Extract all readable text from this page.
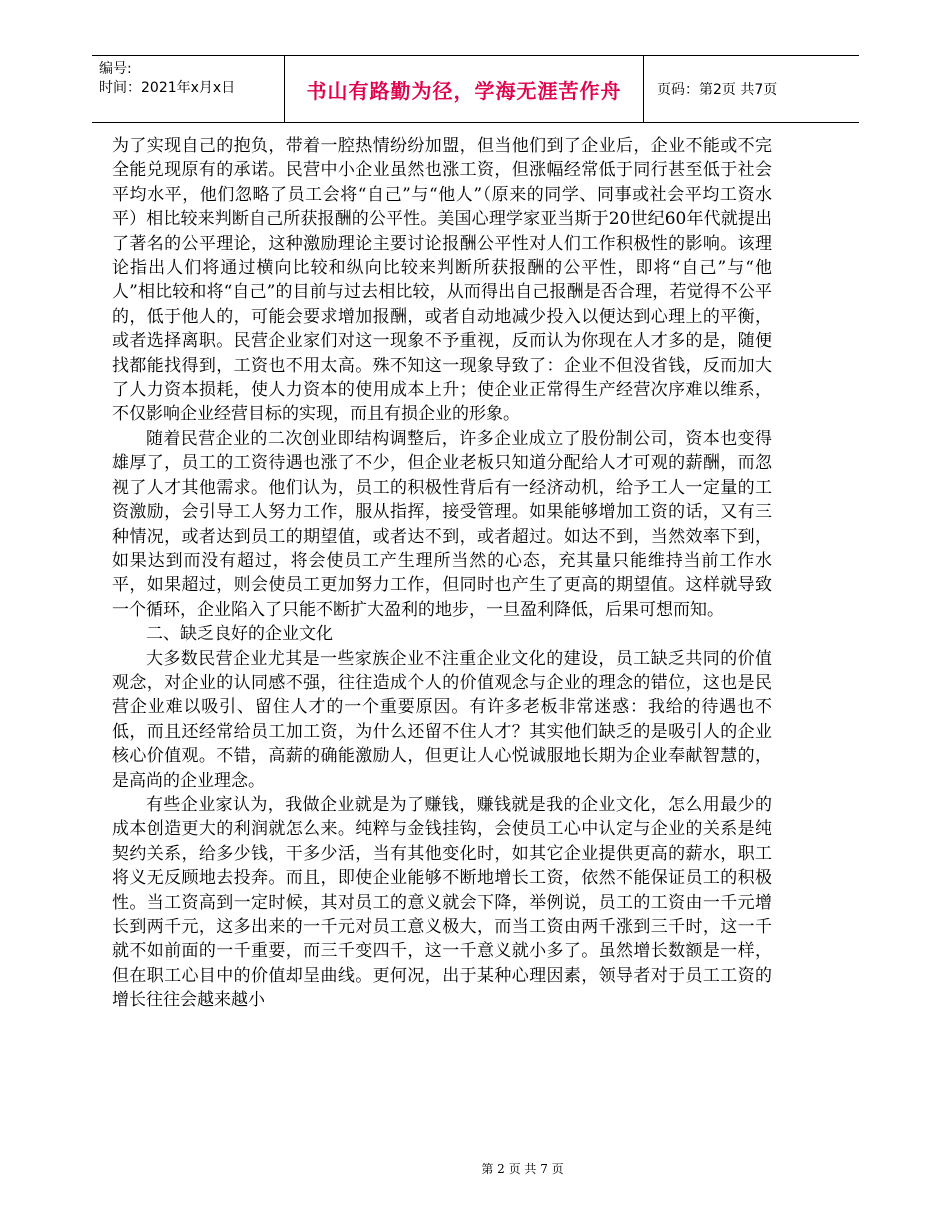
编号:
时间：2021年x月x日	书山有路勤为径，学海无涯苦作舟	页码：第2页 共7页

为了实现自己的抱负，带着一腔热情纷纷加盟，但当他们到了企业后，企业不能或不完全能兑现原有的承诺。民营中小企业虽然也涨工资，但涨幅经常低于同行甚至低于社会平均水平，他们忽略了员工会将“自己”与“他人”（原来的同学、同事或社会平均工资水平）相比较来判断自己所获报酬的公平性。美国心理学家亚当斯于20世纪60年代就提出了著名的公平理论，这种激励理论主要讨论报酬公平性对人们工作积极性的影响。该理论指出人们将通过横向比较和纵向比较来判断所获报酬的公平性，即将“自己”与“他人”相比较和将“自己”的目前与过去相比较，从而得出自己报酬是否合理，若觉得不公平的，低于他人的，可能会要求增加报酬，或者自动地减少投入以便达到心理上的平衡，或者选择离职。民营企业家们对这一现象不予重视，反而认为你现在人才多的是，随便找都能找得到，工资也不用太高。殊不知这一现象导致了：企业不但没省钱，反而加大了人力资本损耗，使人力资本的使用成本上升；使企业正常得生产经营次序难以维系，不仅影响企业经营目标的实现，而且有损企业的形象。

随着民营企业的二次创业即结构调整后，许多企业成立了股份制公司，资本也变得雄厚了，员工的工资待遇也涨了不少，但企业老板只知道分配给人才可观的薪酬，而忽视了人才其他需求。他们认为，员工的积极性背后有一经济动机，给予工人一定量的工资激励，会引导工人努力工作，服从指挥，接受管理。如果能够增加工资的话，又有三种情况，或者达到员工的期望值，或者达不到，或者超过。如达不到，当然效率下到，如果达到而没有超过，将会使员工产生理所当然的心态，充其量只能维持当前工作水平，如果超过，则会使员工更加努力工作，但同时也产生了更高的期望值。这样就导致一个循环，企业陷入了只能不断扩大盈利的地步，一旦盈利降低，后果可想而知。

二、缺乏良好的企业文化

大多数民营企业尤其是一些家族企业不注重企业文化的建设，员工缺乏共同的价值观念，对企业的认同感不强，往往造成个人的价值观念与企业的理念的错位，这也是民营企业难以吸引、留住人才的一个重要原因。有许多老板非常迷惑：我给的待遇也不低，而且还经常给员工加工资，为什么还留不住人才？其实他们缺乏的是吸引人的企业核心价值观。不错，高薪的确能激励人，但更让人心悦诚服地长期为企业奉献智慧的，是高尚的企业理念。

有些企业家认为，我做企业就是为了赚钱，赚钱就是我的企业文化，怎么用最少的成本创造更大的利润就怎么来。纯粹与金钱挂钩，会使员工心中认定与企业的关系是纯契约关系，给多少钱，干多少活，当有其他变化时，如其它企业提供更高的薪水，职工将义无反顾地去投奔。而且，即使企业能够不断地增长工资，依然不能保证员工的积极性。当工资高到一定时候，其对员工的意义就会下降，举例说，员工的工资由一千元增长到两千元，这多出来的一千元对员工意义极大，而当工资由两千涨到三千时，这一千就不如前面的一千重要，而三千变四千，这一千意义就小多了。虽然增长数额是一样，但在职工心目中的价值却呈曲线。更何况，出于某种心理因素，领导者对于员工工资的增长往往会越来越小

第 2 页 共 7 页
